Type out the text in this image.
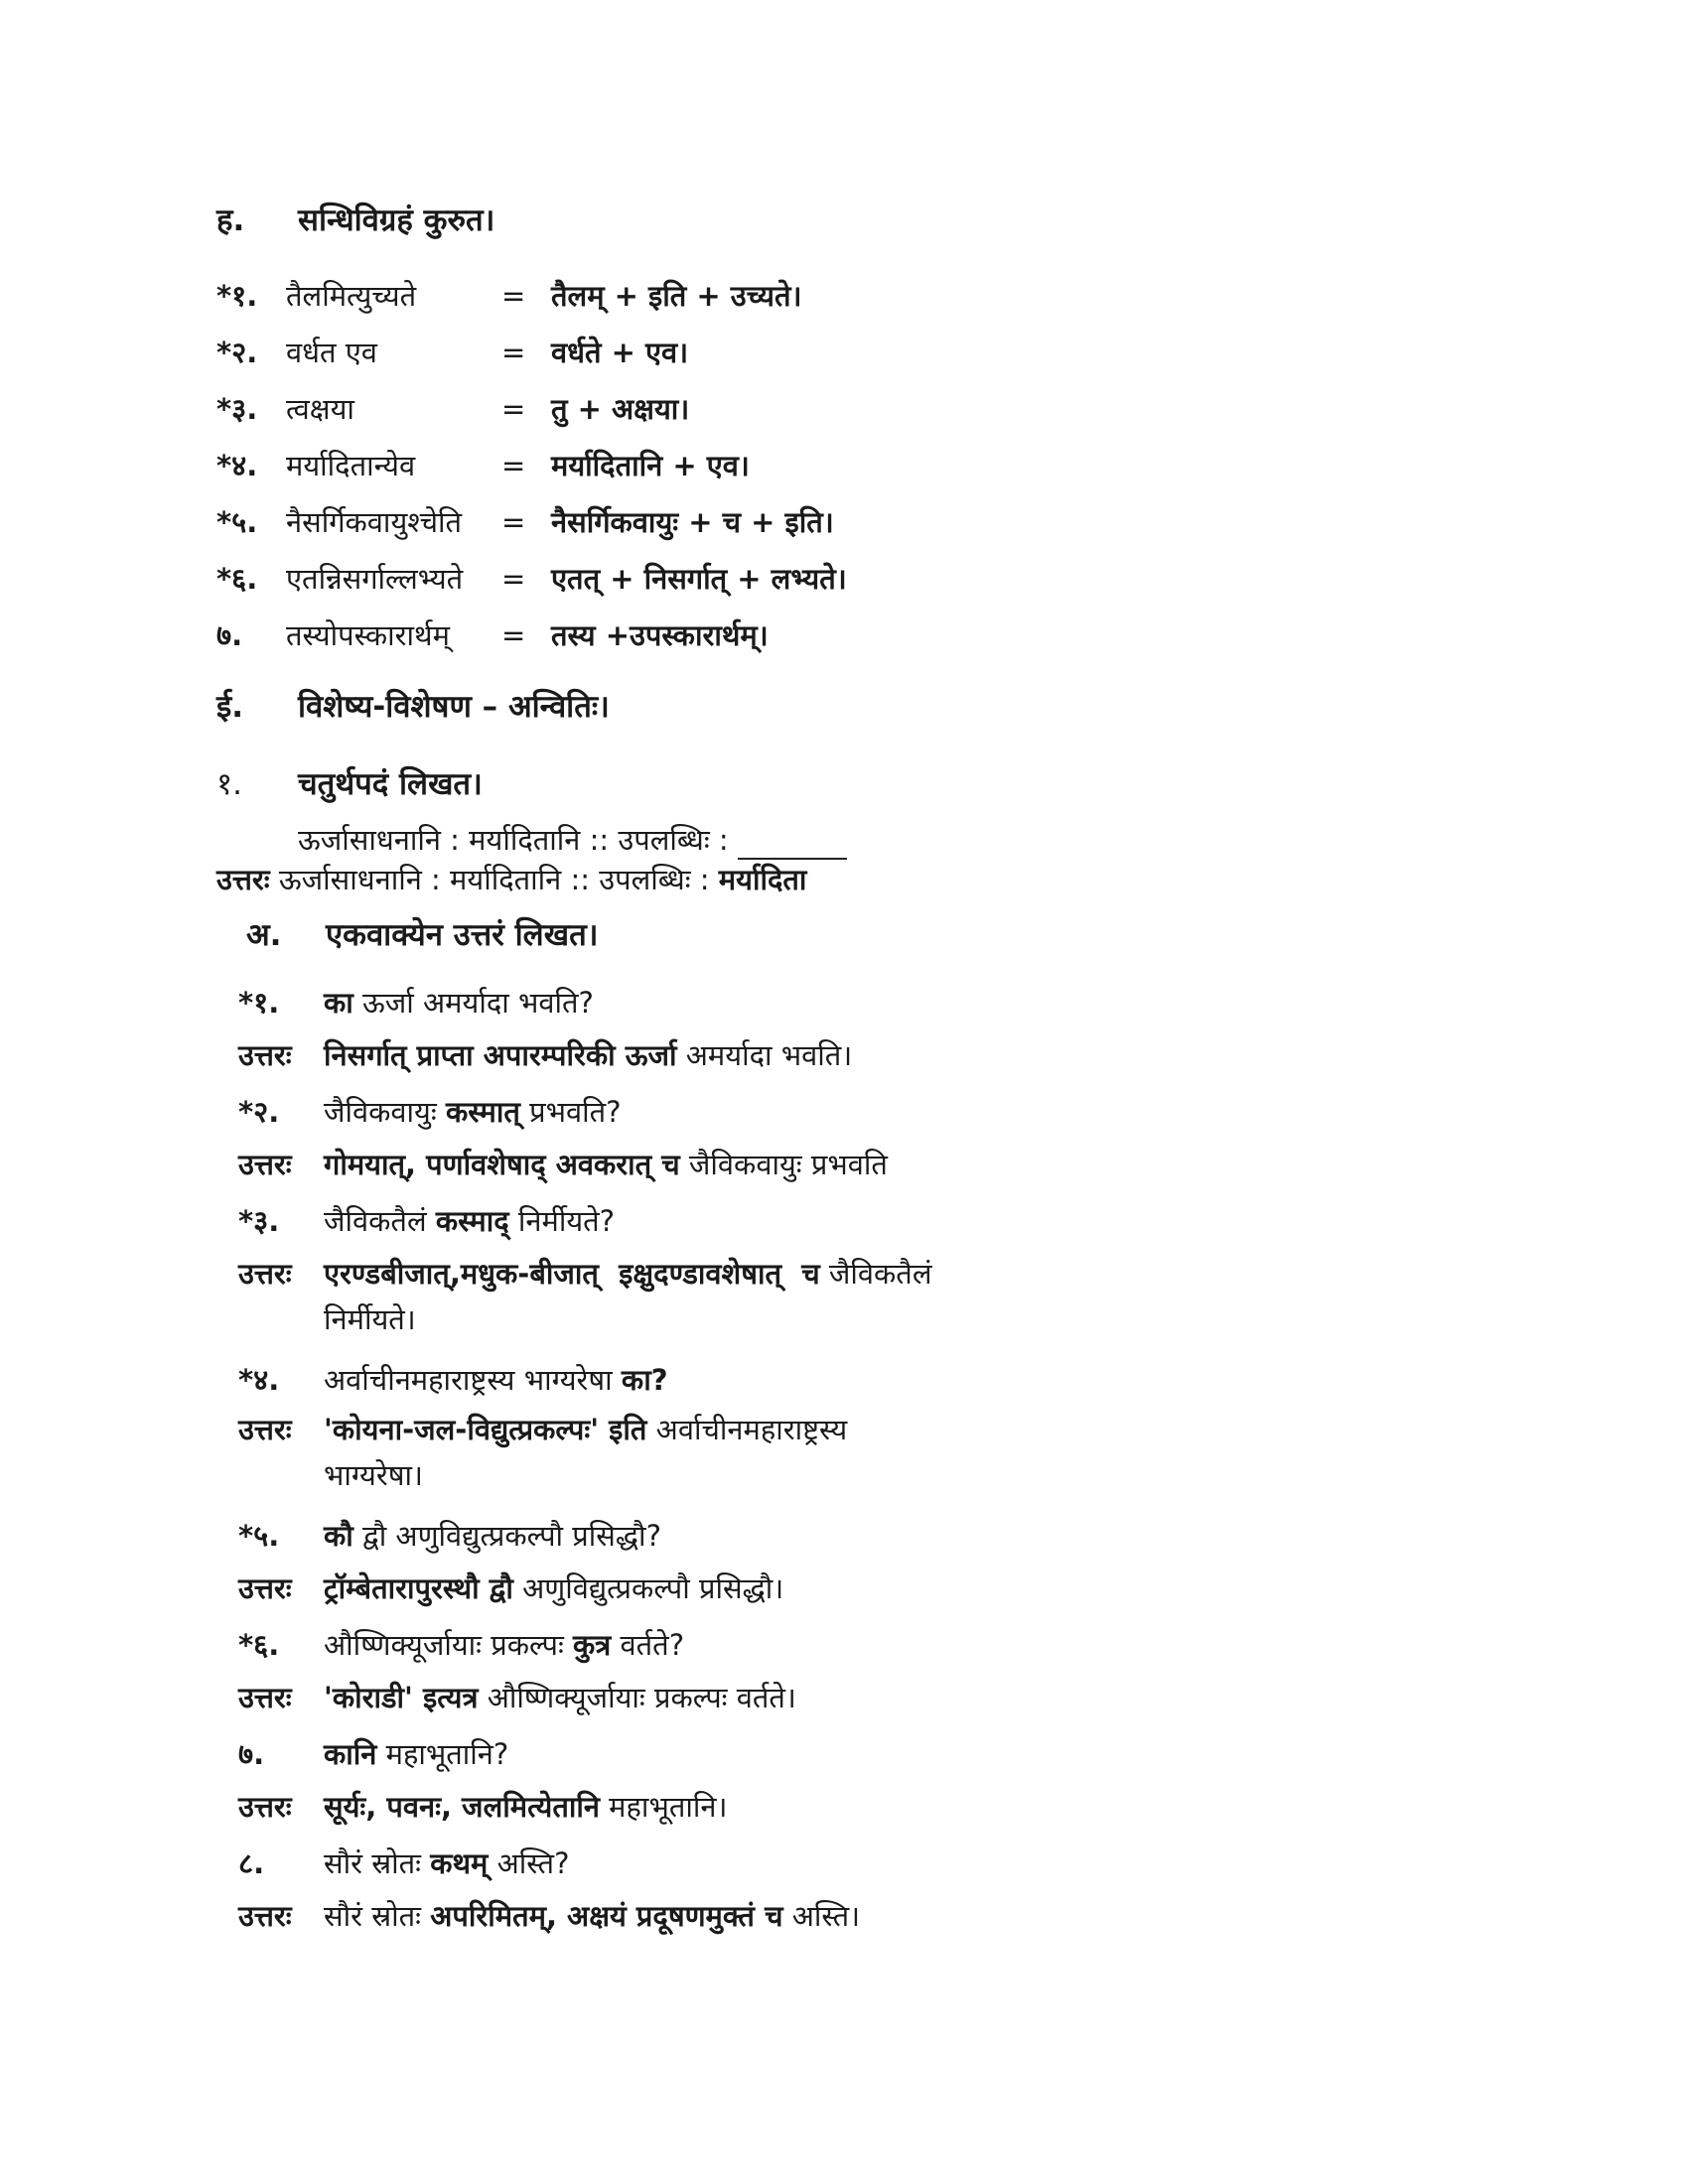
ह. सन्धिविग्रहं कुरुत।
*१. तैलमित्युच्यते	= तैलम् + इति + उच्यते।
*२. वर्धत एव	= वर्धते + एव।
*३. त्वक्षया	= तु + अक्षया।
*४. मर्यादितान्येव	= मर्यादितानि + एव।
*५. नैसर्गिकवायुश्चेति = नैसर्गिकवायुः + च + इति।
*६. एतन्निसर्गाल्लभ्यते = एतत् + निसर्गात् + लभ्यते।
७.	तस्योपस्कारार्थम् = तस्य +उपस्कारार्थम्।
ई. विशेष्य-विशेषण – अन्वितिः।
१. चतुर्थपदं लिखत।
ऊर्जासाधनानि : मर्यादितानि :: उपलब्धिः :
उत्तरः ऊर्जासाधनानि : मर्यादितानि :: उपलब्धिः : मर्यादिता
अ. एकवाक्येन उत्तरं लिखत।
*१. का ऊर्जा अमर्यादा भवति?
उत्तरः निसर्गात् प्राप्ता अपारम्परिकी ऊर्जा अमर्यादा भवति।
*२. जैविकवायुः कस्मात् प्रभवति?
उत्तरः गोमयात्, पर्णावशेषाद् अवकरात् च जैविकवायुः प्रभवति
*३. जैविकतैलं कस्माद् निर्मीयते?
उत्तरः एरण्डबीजात्,मधुक-बीजात्  इक्षुदण्डावशेषात्  च जैविकतैलं निर्मीयते।
*४. अर्वाचीनमहाराष्ट्रस्य भाग्यरेषा का?
उत्तरः 'कोयना-जल-विद्युत्प्रकल्पः' इति अर्वाचीनमहाराष्ट्रस्य भाग्यरेषा।
*५. कौ द्वौ अणुविद्युत्प्रकल्पौ प्रसिद्धौ?
उत्तरः ट्रॉम्बेतारापुरस्थौ द्वौ अणुविद्युत्प्रकल्पौ प्रसिद्धौ।
*६. औष्णिक्यूर्जायाः प्रकल्पः कुत्र वर्तते?
उत्तरः 'कोराडी' इत्यत्र औष्णिक्यूर्जायाः प्रकल्पः वर्तते।
७. कानि महाभूतानि?
उत्तरः सूर्यः, पवनः, जलमित्येतानि महाभूतानि।
८. सौरं स्रोतः कथम् अस्ति?
उत्तरः सौरं स्रोतः अपरिमितम्, अक्षयं प्रदूषणमुक्तं च अस्ति।
